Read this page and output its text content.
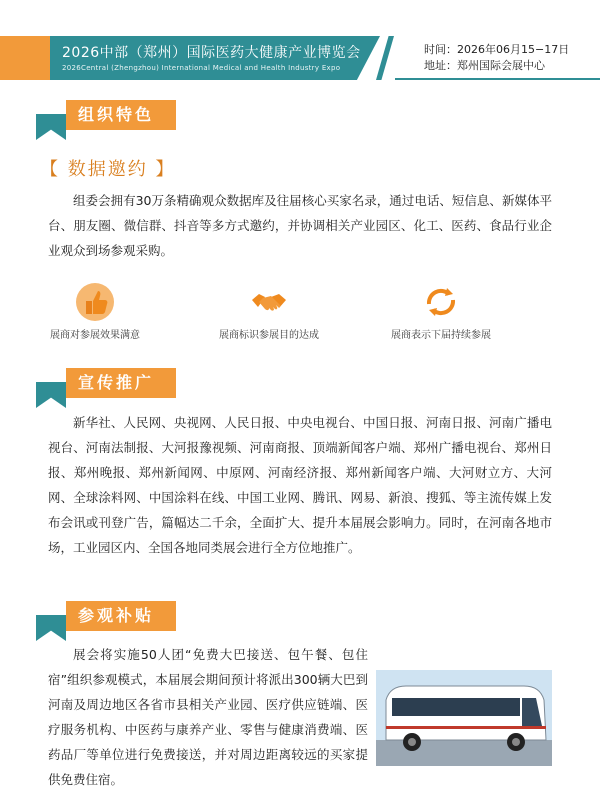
2026中部（郑州）国际医药大健康产业博览会
2026Central (Zhengzhou) International Medical and Health Industry Expo
时间：2026年06月15−17日
地址：郑州国际会展中心
组织特色
【 数据邀约 】
组委会拥有30万条精确观众数据库及往届核心买家名录，通过电话、短信息、新媒体平台、朋友圈、微信群、抖音等多方式邀约，并协调相关产业园区、化工、医药、食品行业企业观众到场参观采购。
展商对参展效果满意	展商标识参展目的达成	展商表示下届持续参展
宣传推广
新华社、人民网、央视网、人民日报、中央电视台、中国日报、河南日报、河南广播电视台、河南法制报、大河报豫视频、河南商报、顶端新闻客户端、郑州广播电视台、郑州日报、郑州晚报、郑州新闻网、中原网、河南经济报、郑州新闻客户端、大河财立方、大河网、全球涂料网、中国涂料在线、中国工业网、腾讯、网易、新浪、搜狐、等主流传媒上发布会讯或刊登广告，篇幅达二千余，全面扩大、提升本届展会影响力。同时，在河南各地市场，工业园区内、全国各地同类展会进行全方位地推广。
参观补贴
展会将实施50人团“免费大巴接送、包午餐、包住宿”组织参观模式，本届展会期间预计将派出300辆大巴到河南及周边地区各省市县相关产业园、医疗供应链端、医疗服务机构、中医药与康养产业、零售与健康消费端、医药品厂等单位进行免费接送，并对周边距离较远的买家提供免费住宿。
